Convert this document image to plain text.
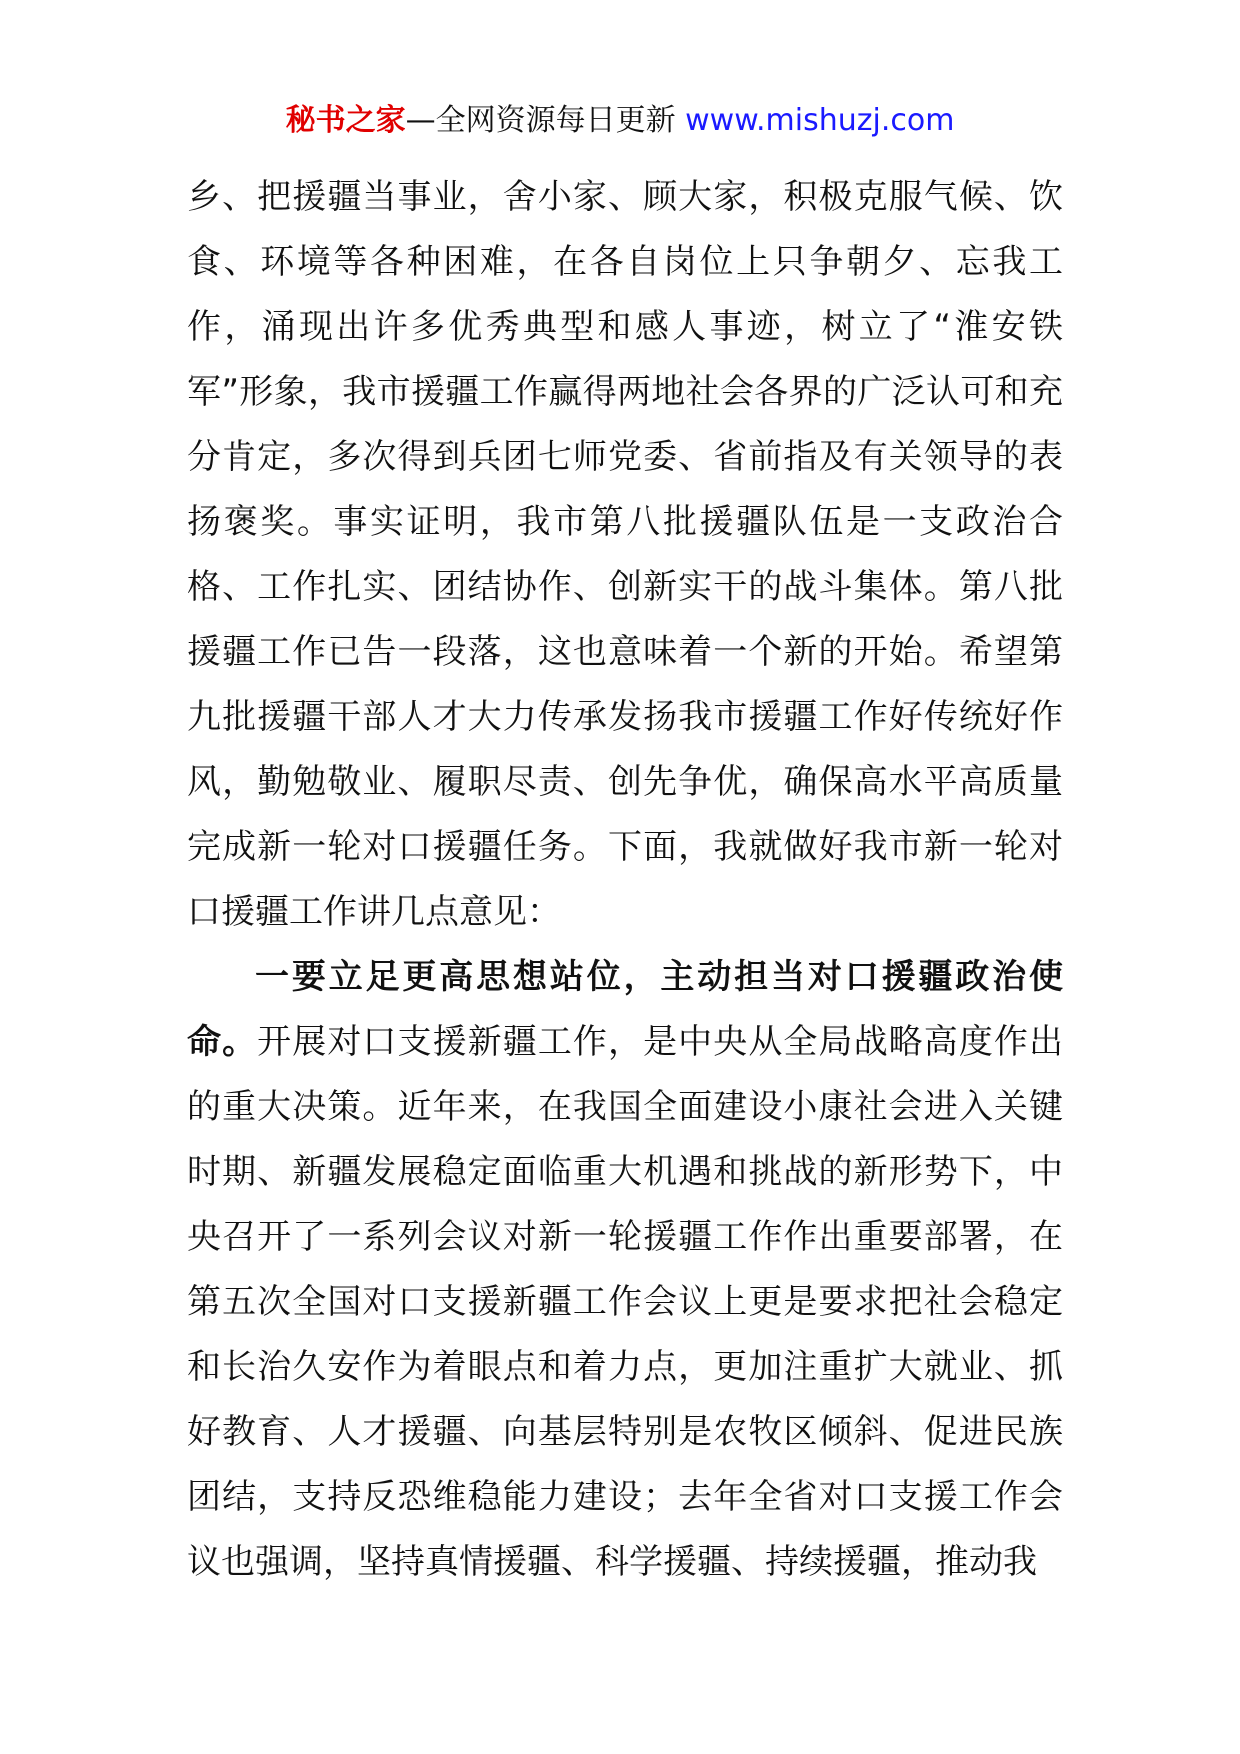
秘书之家—全网资源每日更新 www.mishuzj.com

乡、把援疆当事业，舍小家、顾大家，积极克服气候、饮食、环境等各种困难，在各自岗位上只争朝夕、忘我工作，涌现出许多优秀典型和感人事迹，树立了“淮安铁军”形象，我市援疆工作赢得两地社会各界的广泛认可和充分肯定，多次得到兵团七师党委、省前指及有关领导的表扬褒奖。事实证明，我市第八批援疆队伍是一支政治合格、工作扎实、团结协作、创新实干的战斗集体。第八批援疆工作已告一段落，这也意味着一个新的开始。希望第九批援疆干部人才大力传承发扬我市援疆工作好传统好作风，勤勉敬业、履职尽责、创先争优，确保高水平高质量完成新一轮对口援疆任务。下面，我就做好我市新一轮对口援疆工作讲几点意见：

一要立足更高思想站位，主动担当对口援疆政治使命。开展对口支援新疆工作，是中央从全局战略高度作出的重大决策。近年来，在我国全面建设小康社会进入关键时期、新疆发展稳定面临重大机遇和挑战的新形势下，中央召开了一系列会议对新一轮援疆工作作出重要部署，在第五次全国对口支援新疆工作会议上更是要求把社会稳定和长治久安作为着眼点和着力点，更加注重扩大就业、抓好教育、人才援疆、向基层特别是农牧区倾斜、促进民族团结，支持反恐维稳能力建设；去年全省对口支援工作会议也强调，坚持真情援疆、科学援疆、持续援疆，推动我
